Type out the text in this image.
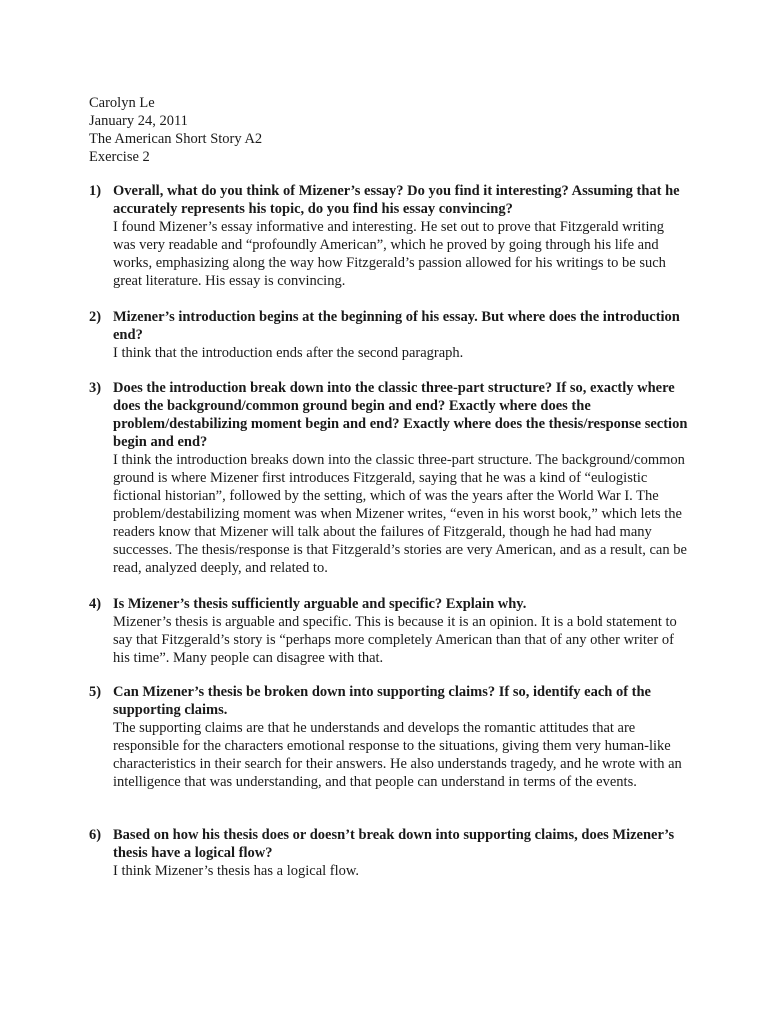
Carolyn Le
January 24, 2011
The American Short Story A2
Exercise 2
1) Overall, what do you think of Mizener’s essay? Do you find it interesting? Assuming that he accurately represents his topic, do you find his essay convincing?
I found Mizener’s essay informative and interesting. He set out to prove that Fitzgerald writing was very readable and “profoundly American”, which he proved by going through his life and works, emphasizing along the way how Fitzgerald’s passion allowed for his writings to be such great literature. His essay is convincing.
2) Mizener’s introduction begins at the beginning of his essay. But where does the introduction end?
I think that the introduction ends after the second paragraph.
3) Does the introduction break down into the classic three-part structure? If so, exactly where does the background/common ground begin and end? Exactly where does the problem/destabilizing moment begin and end? Exactly where does the thesis/response section begin and end?
I think the introduction breaks down into the classic three-part structure. The background/common ground is where Mizener first introduces Fitzgerald, saying that he was a kind of “eulogistic fictional historian”, followed by the setting, which of was the years after the World War I. The problem/destabilizing moment was when Mizener writes, “even in his worst book,” which lets the readers know that Mizener will talk about the failures of Fitzgerald, though he had had many successes. The thesis/response is that Fitzgerald’s stories are very American, and as a result, can be read, analyzed deeply, and related to.
4) Is Mizener’s thesis sufficiently arguable and specific? Explain why.
Mizener’s thesis is arguable and specific. This is because it is an opinion. It is a bold statement to say that Fitzgerald’s story is “perhaps more completely American than that of any other writer of his time”. Many people can disagree with that.
5) Can Mizener’s thesis be broken down into supporting claims? If so, identify each of the supporting claims.
The supporting claims are that he understands and develops the romantic attitudes that are responsible for the characters emotional response to the situations, giving them very human-like characteristics in their search for their answers. He also understands tragedy, and he wrote with an intelligence that was understanding, and that people can understand in terms of the events.
6) Based on how his thesis does or doesn’t break down into supporting claims, does Mizener’s thesis have a logical flow?
I think Mizener’s thesis has a logical flow.
